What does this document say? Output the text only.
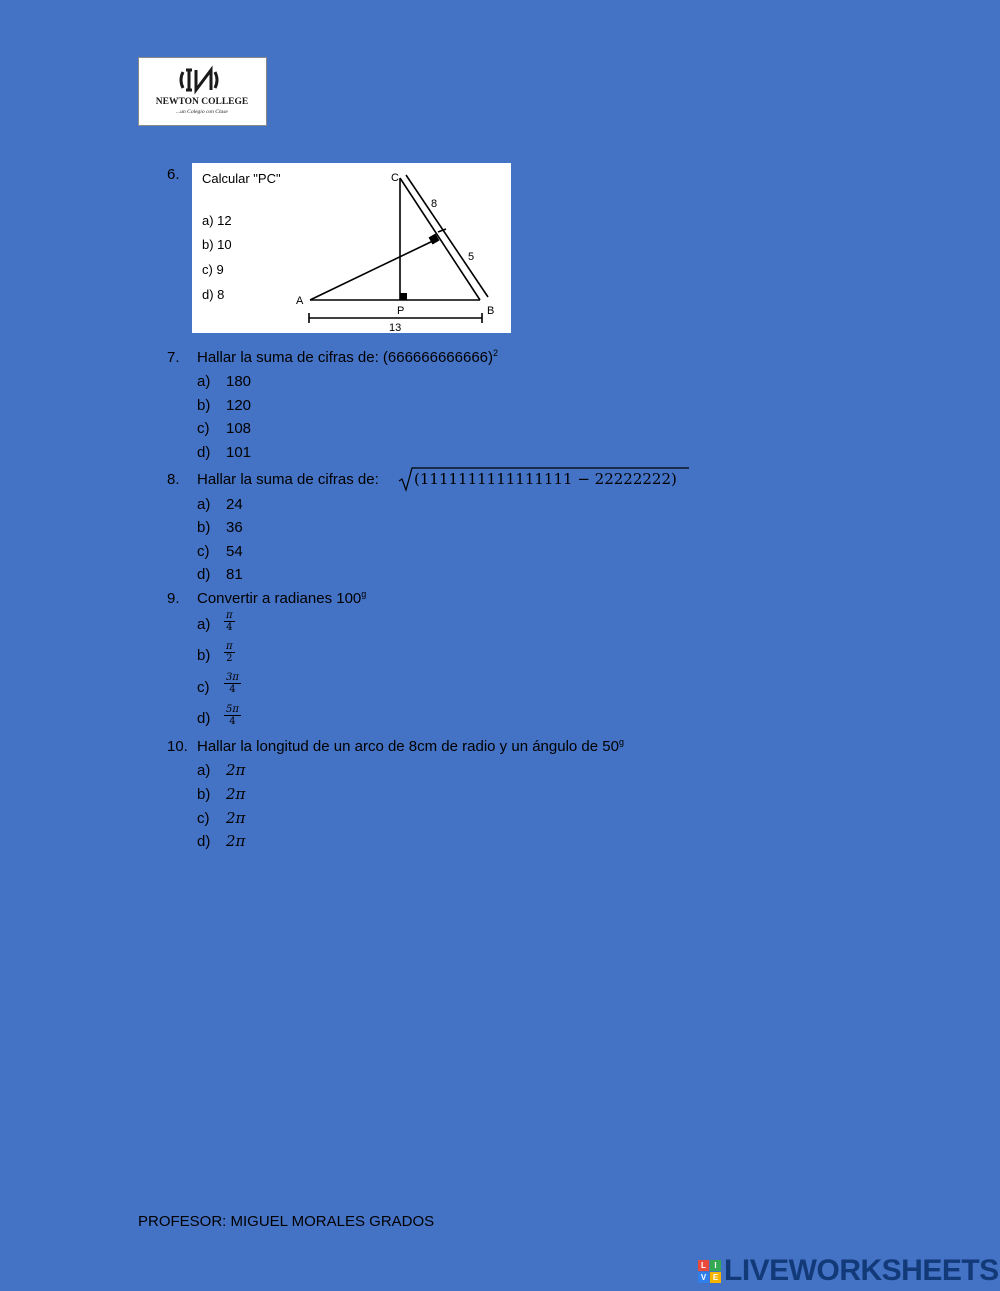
NEWTON COLLEGE
...un Colegio con Clase
6. Calcular "PC"
a) 12
b) 10
c) 9
d) 8	A
B
C
P
8
5
13
7. Hallar la suma de cifras de: $(666666666666)^2$
a) 180
b) 120
c) 108
d) 101
8. Hallar la suma de cifras de: (1111111111111111 − 22222222)
a) 24
b) 36
c) 54
d) 81
9. Convertir a radianes 100$^g$
$a) \frac{\pi}{4}$
$b) \frac{\pi}{2}$
$c) \frac{3\pi}{4}$
$d) \frac{5\pi}{4}$
10. Hallar la longitud de un arco de 8cm de radio y un ángulo de 50$^g$
a) 2π
b) 2π
c) 2π
d) 2π
PROFESOR: MIGUEL MORALES GRADOS
L	I
V E LIVEWORKSHEETS
